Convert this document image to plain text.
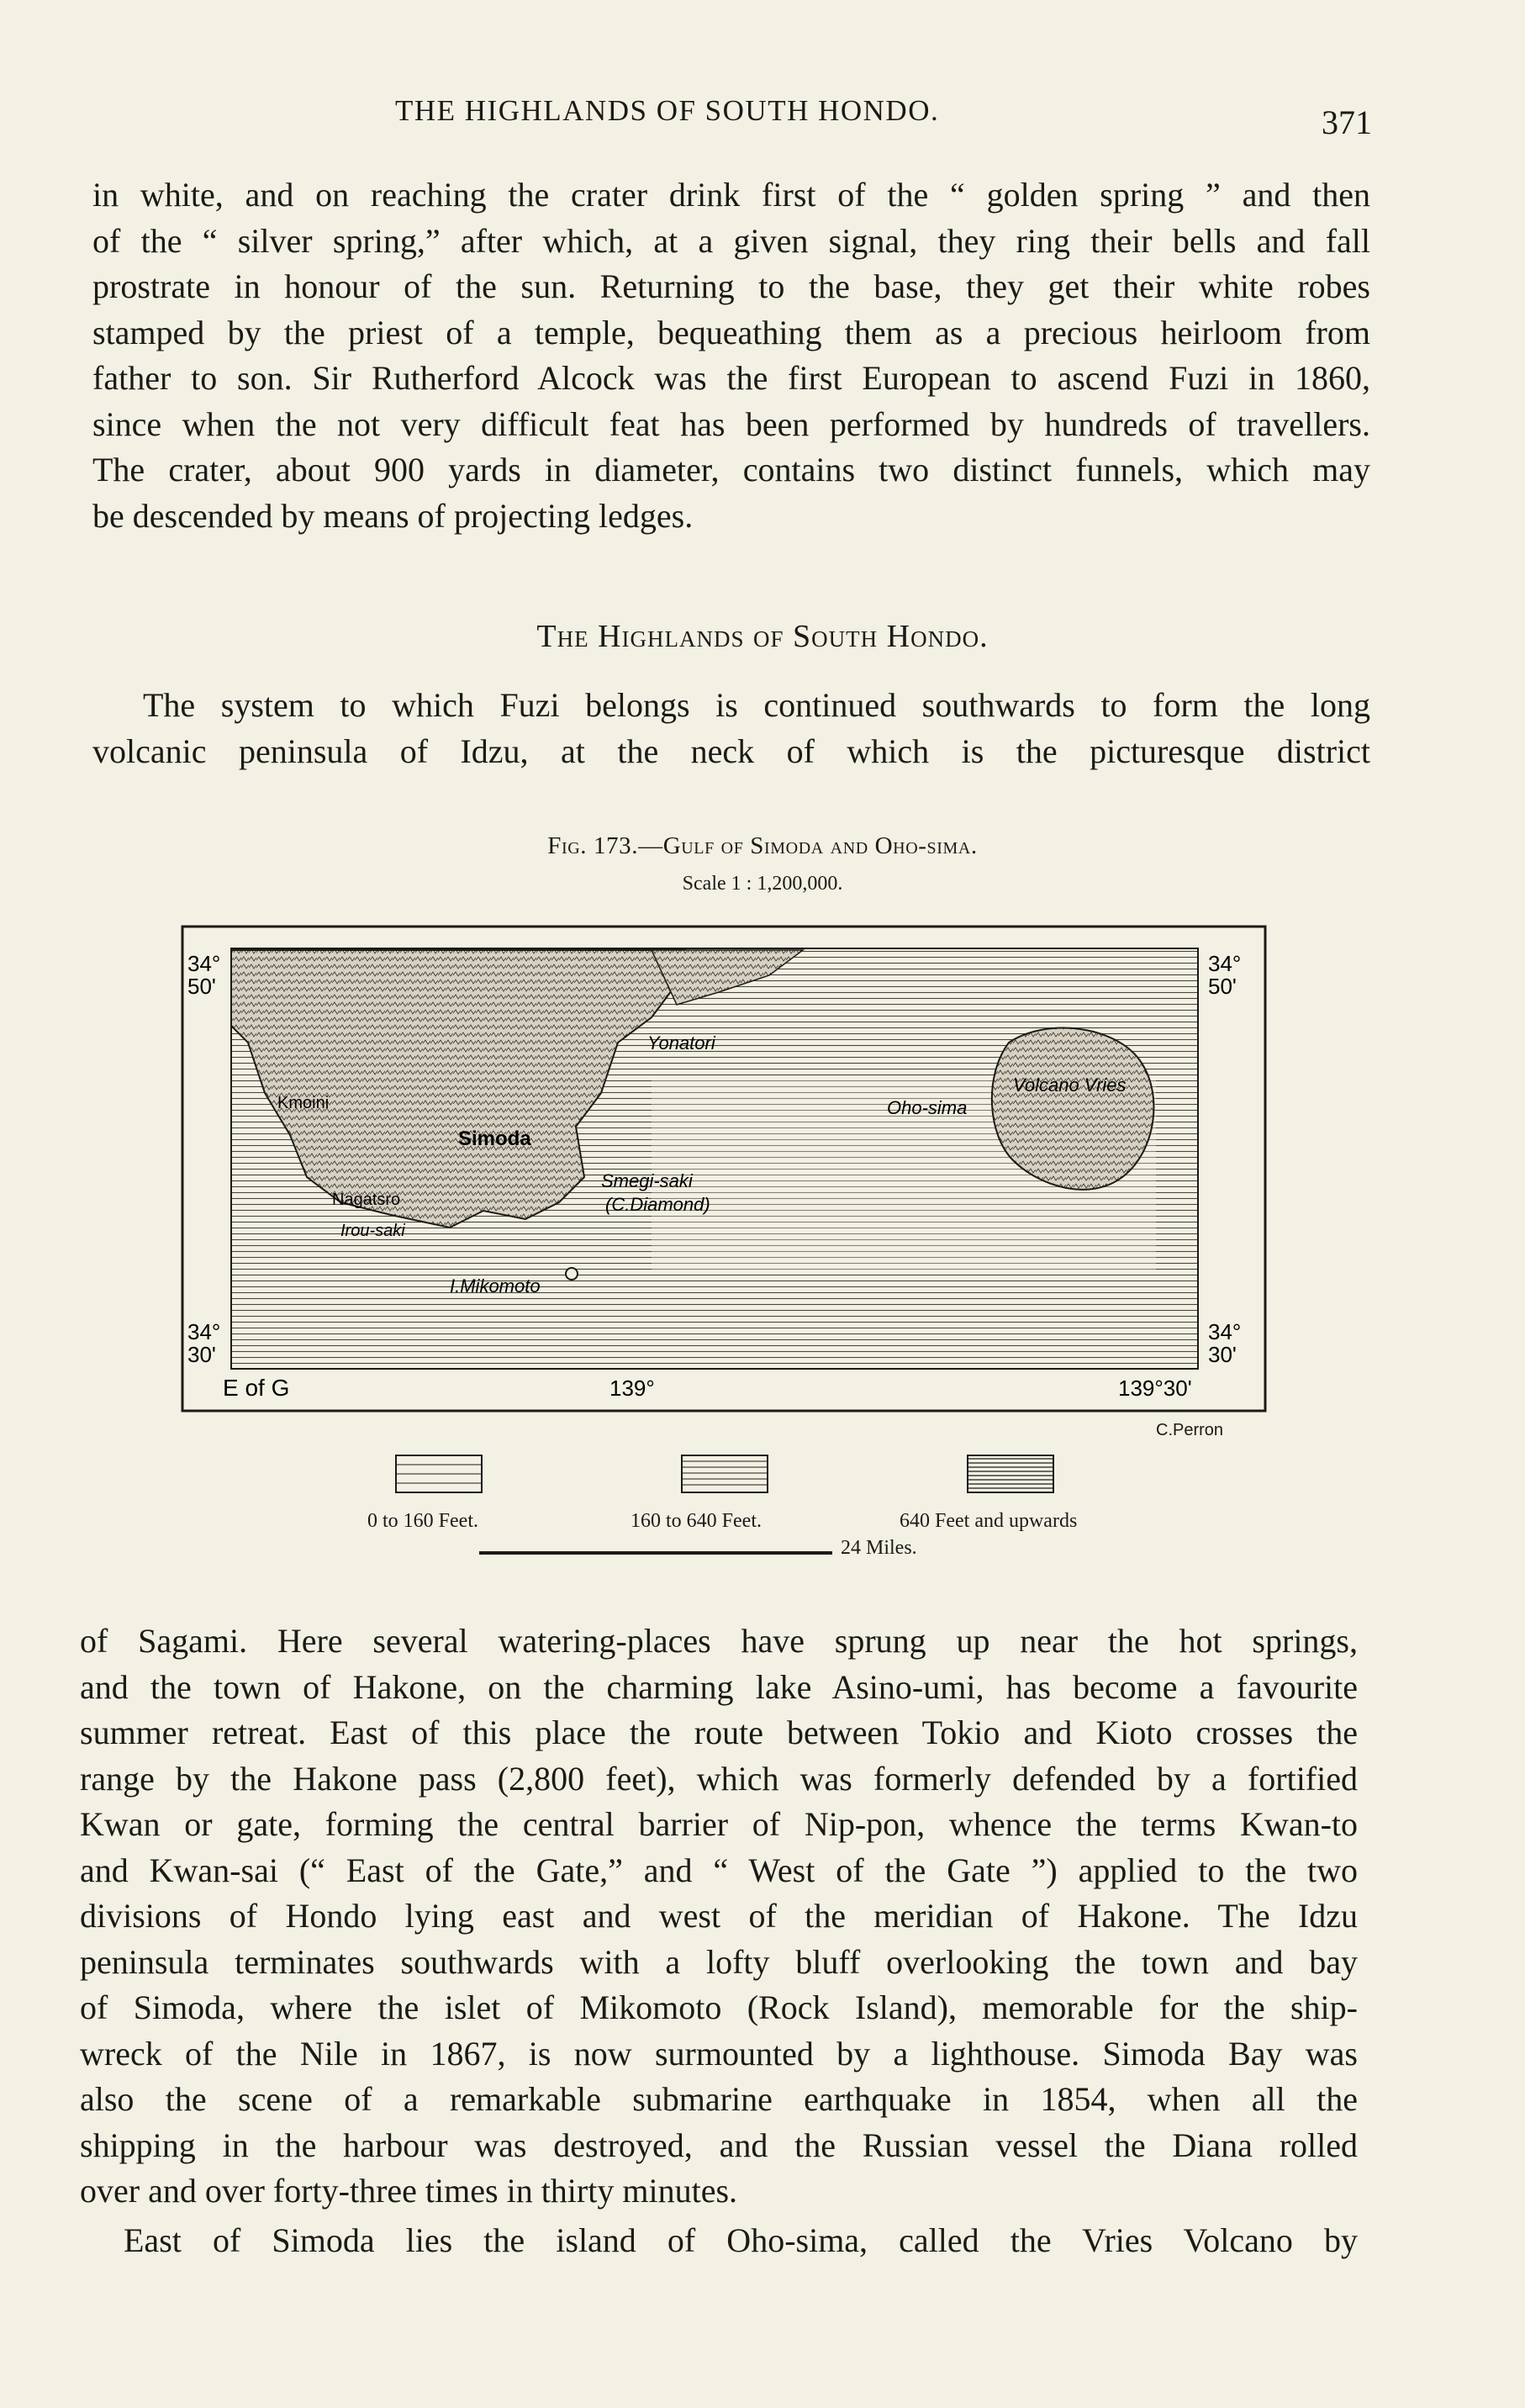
THE HIGHLANDS OF SOUTH HONDO.	371
in white, and on reaching the crater drink first of the “ golden spring ” and then
of the “ silver spring,” after which, at a given signal, they ring their bells and fall
prostrate in honour of the sun. Returning to the base, they get their white robes
stamped by the priest of a temple, bequeathing them as a precious heirloom from
father to son. Sir Rutherford Alcock was the first European to ascend Fuzi in 1860,
since when the not very difficult feat has been performed by hundreds of travellers.
The crater, about 900 yards in diameter, contains two distinct funnels, which may
be descended by means of projecting ledges.
The Highlands of South Hondo.
The system to which Fuzi belongs is continued southwards to form the long
volcanic peninsula of Idzu, at the neck of which is the picturesque district
Fig. 173.—Gulf of Simoda and Oho-sima.
Scale 1 : 1,200,000.
34°
50'
34°
50'
34°
30'
34°
30'
E of G	139°	139°30'
Yonatori
Kmoini
Simoda
Nagatsro
Irou-saki
Smegi-saki
(C.Diamond)
I.Mikomoto
Oho-sima
Volcano Vries
C.Perron
0 to 160 Feet.	160 to 640 Feet.	640 Feet and upwards
24 Miles.
of Sagami. Here several watering-places have sprung up near the hot springs,
and the town of Hakone, on the charming lake Asino-umi, has become a favourite
summer retreat. East of this place the route between Tokio and Kioto crosses the
range by the Hakone pass (2,800 feet), which was formerly defended by a fortified
Kwan or gate, forming the central barrier of Nip-pon, whence the terms Kwan-to
and Kwan-sai (“ East of the Gate,” and “ West of the Gate ”) applied to the two
divisions of Hondo lying east and west of the meridian of Hakone. The Idzu
peninsula terminates southwards with a lofty bluff overlooking the town and bay
of Simoda, where the islet of Mikomoto (Rock Island), memorable for the ship-
wreck of the Nile in 1867, is now surmounted by a lighthouse. Simoda Bay was
also the scene of a remarkable submarine earthquake in 1854, when all the
shipping in the harbour was destroyed, and the Russian vessel the Diana rolled
over and over forty-three times in thirty minutes.
East of Simoda lies the island of Oho-sima, called the Vries Volcano by
